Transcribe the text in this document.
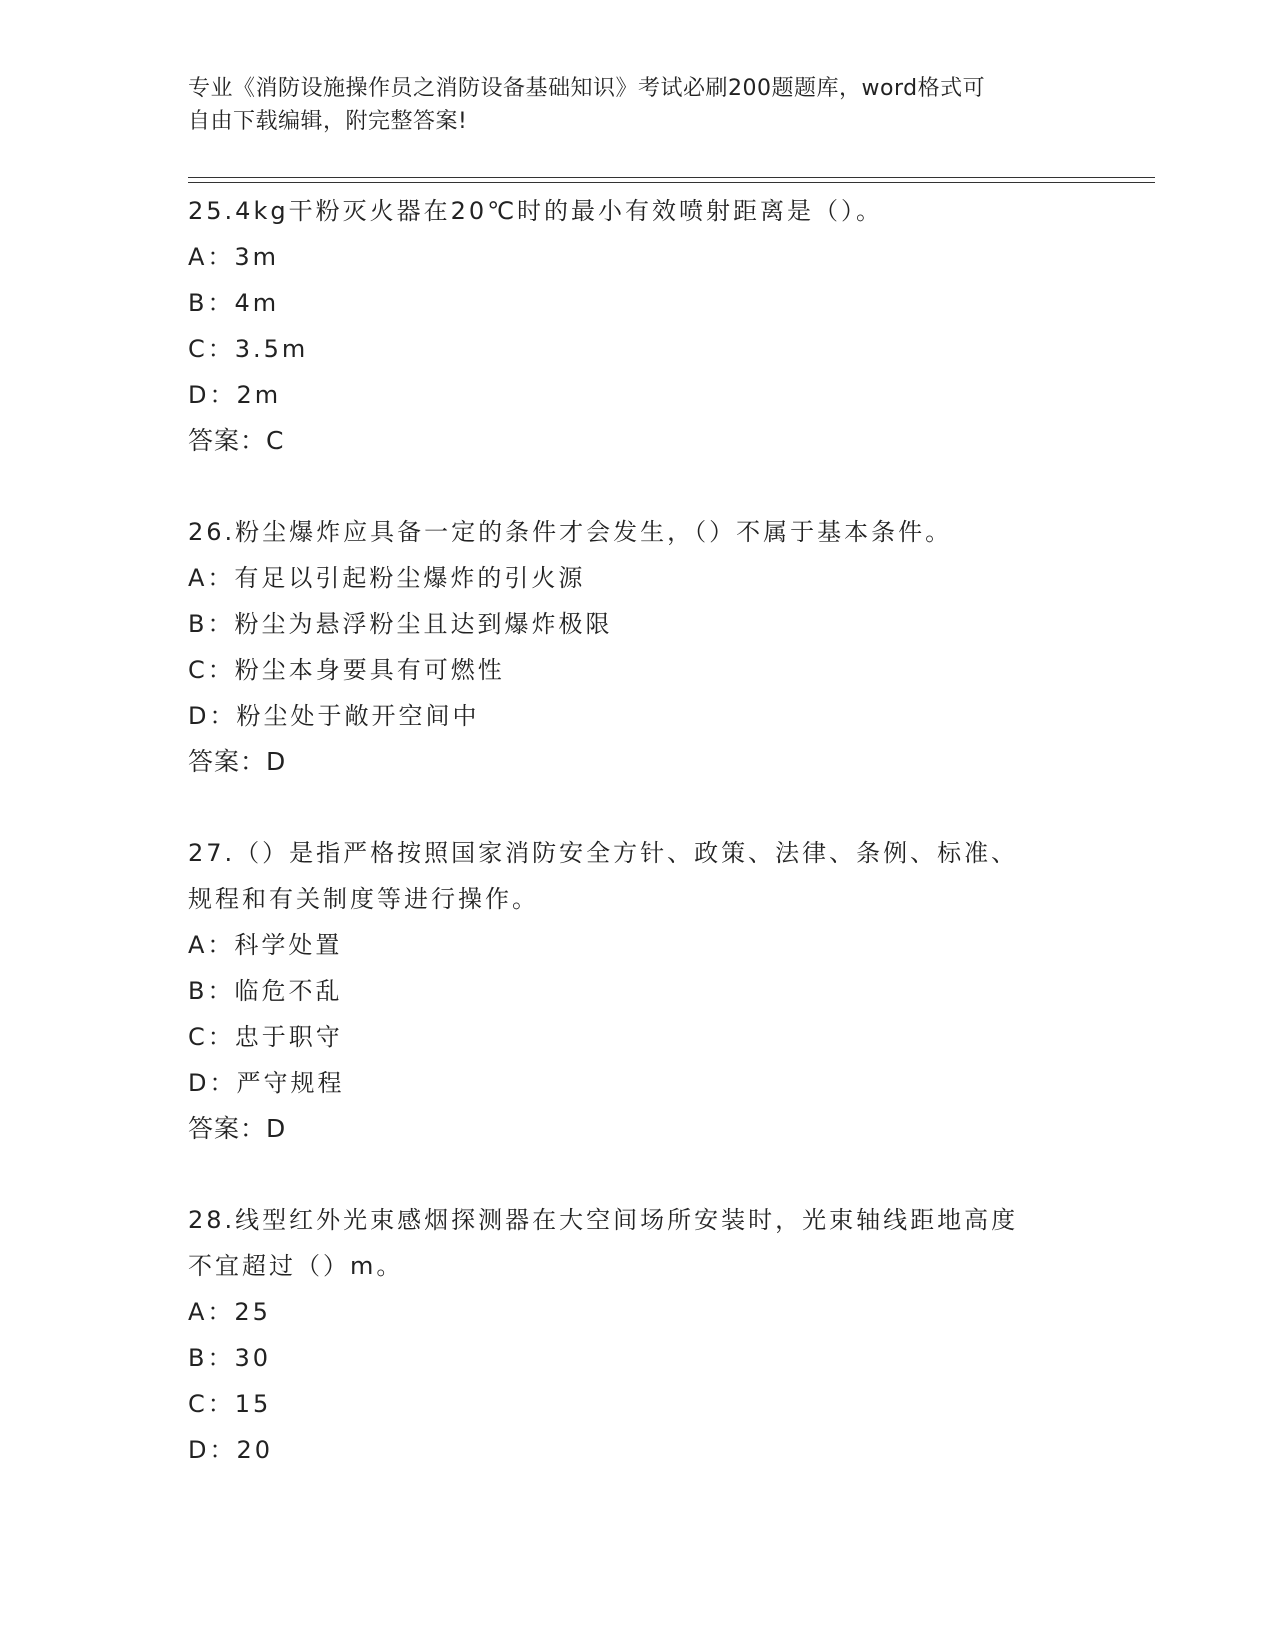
专业《消防设施操作员之消防设备基础知识》考试必刷200题题库，word格式可
自由下载编辑，附完整答案!
25.4kg干粉灭火器在20℃时的最小有效喷射距离是（）。
A：3m
B：4m
C：3.5m
D：2m
答案：C
26.粉尘爆炸应具备一定的条件才会发生，（）不属于基本条件。
A：有足以引起粉尘爆炸的引火源
B：粉尘为悬浮粉尘且达到爆炸极限
C：粉尘本身要具有可燃性
D：粉尘处于敞开空间中
答案：D
27.（）是指严格按照国家消防安全方针、政策、法律、条例、标准、
规程和有关制度等进行操作。
A：科学处置
B：临危不乱
C：忠于职守
D：严守规程
答案：D
28.线型红外光束感烟探测器在大空间场所安装时，光束轴线距地高度
不宜超过（）m。
A：25
B：30
C：15
D：20
